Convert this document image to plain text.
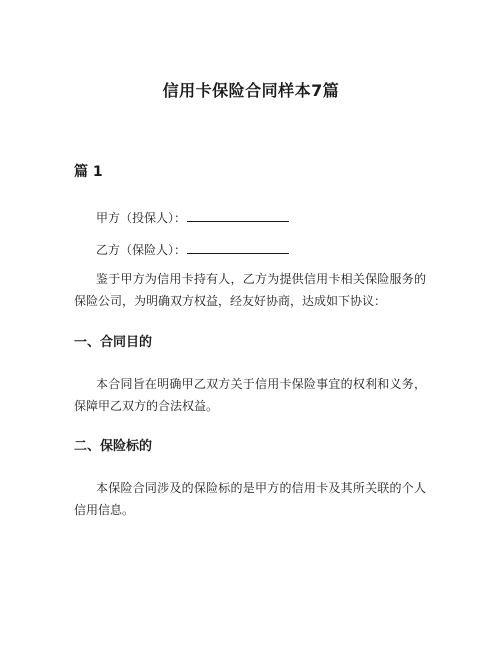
信用卡保险合同样本7篇
篇 1
甲方（投保人）：
乙方（保险人）：
鉴于甲方为信用卡持有人，乙方为提供信用卡相关保险服务的保险公司，为明确双方权益，经友好协商，达成如下协议：
一、合同目的
本合同旨在明确甲乙双方关于信用卡保险事宜的权利和义务，保障甲乙双方的合法权益。
二、保险标的
本保险合同涉及的保险标的是甲方的信用卡及其所关联的个人信用信息。
